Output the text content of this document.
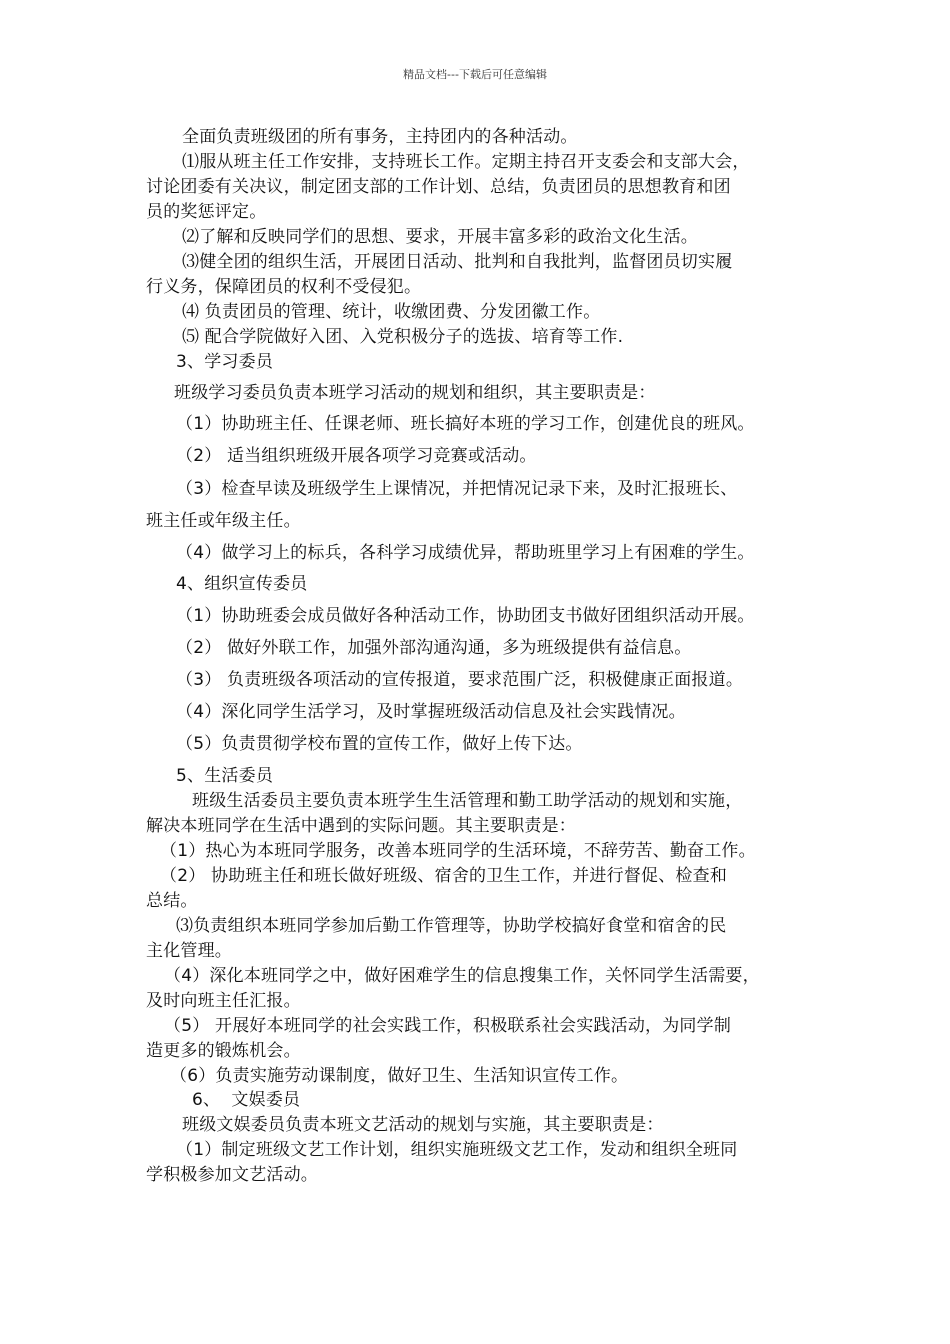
精品文档---下载后可任意编辑
全面负责班级团的所有事务，主持团内的各种活动。
⑴服从班主任工作安排，支持班长工作。定期主持召开支委会和支部大会，
讨论团委有关决议，制定团支部的工作计划、总结，负责团员的思想教育和团
员的奖惩评定。
⑵了解和反映同学们的思想、要求，开展丰富多彩的政治文化生活。
⑶健全团的组织生活，开展团日活动、批判和自我批判，监督团员切实履
行义务，保障团员的权利不受侵犯。
⑷ 负责团员的管理、统计，收缴团费、分发团徽工作。
⑸ 配合学院做好入团、入党积极分子的选拔、培育等工作.
3、学习委员
班级学习委员负责本班学习活动的规划和组织，其主要职责是：
（1）协助班主任、任课老师、班长搞好本班的学习工作，创建优良的班风。
（2） 适当组织班级开展各项学习竞赛或活动。
（3）检查早读及班级学生上课情况，并把情况记录下来，及时汇报班长、
班主任或年级主任。
（4）做学习上的标兵，各科学习成绩优异，帮助班里学习上有困难的学生。
4、组织宣传委员
（1）协助班委会成员做好各种活动工作，协助团支书做好团组织活动开展。
（2） 做好外联工作，加强外部沟通沟通，多为班级提供有益信息。
（3） 负责班级各项活动的宣传报道，要求范围广泛，积极健康正面报道。
（4）深化同学生活学习，及时掌握班级活动信息及社会实践情况。
（5）负责贯彻学校布置的宣传工作，做好上传下达。
5、生活委员
班级生活委员主要负责本班学生生活管理和勤工助学活动的规划和实施，
解决本班同学在生活中遇到的实际问题。其主要职责是：
（1）热心为本班同学服务，改善本班同学的生活环境，不辞劳苦、勤奋工作。
（2） 协助班主任和班长做好班级、宿舍的卫生工作，并进行督促、检查和
总结。
⑶负责组织本班同学参加后勤工作管理等，协助学校搞好食堂和宿舍的民
主化管理。
（4）深化本班同学之中，做好困难学生的信息搜集工作，关怀同学生活需要，
及时向班主任汇报。
（5） 开展好本班同学的社会实践工作，积极联系社会实践活动，为同学制
造更多的锻炼机会。
（6）负责实施劳动课制度，做好卫生、生活知识宣传工作。
6、  文娱委员
班级文娱委员负责本班文艺活动的规划与实施，其主要职责是：
（1）制定班级文艺工作计划，组织实施班级文艺工作，发动和组织全班同
学积极参加文艺活动。
